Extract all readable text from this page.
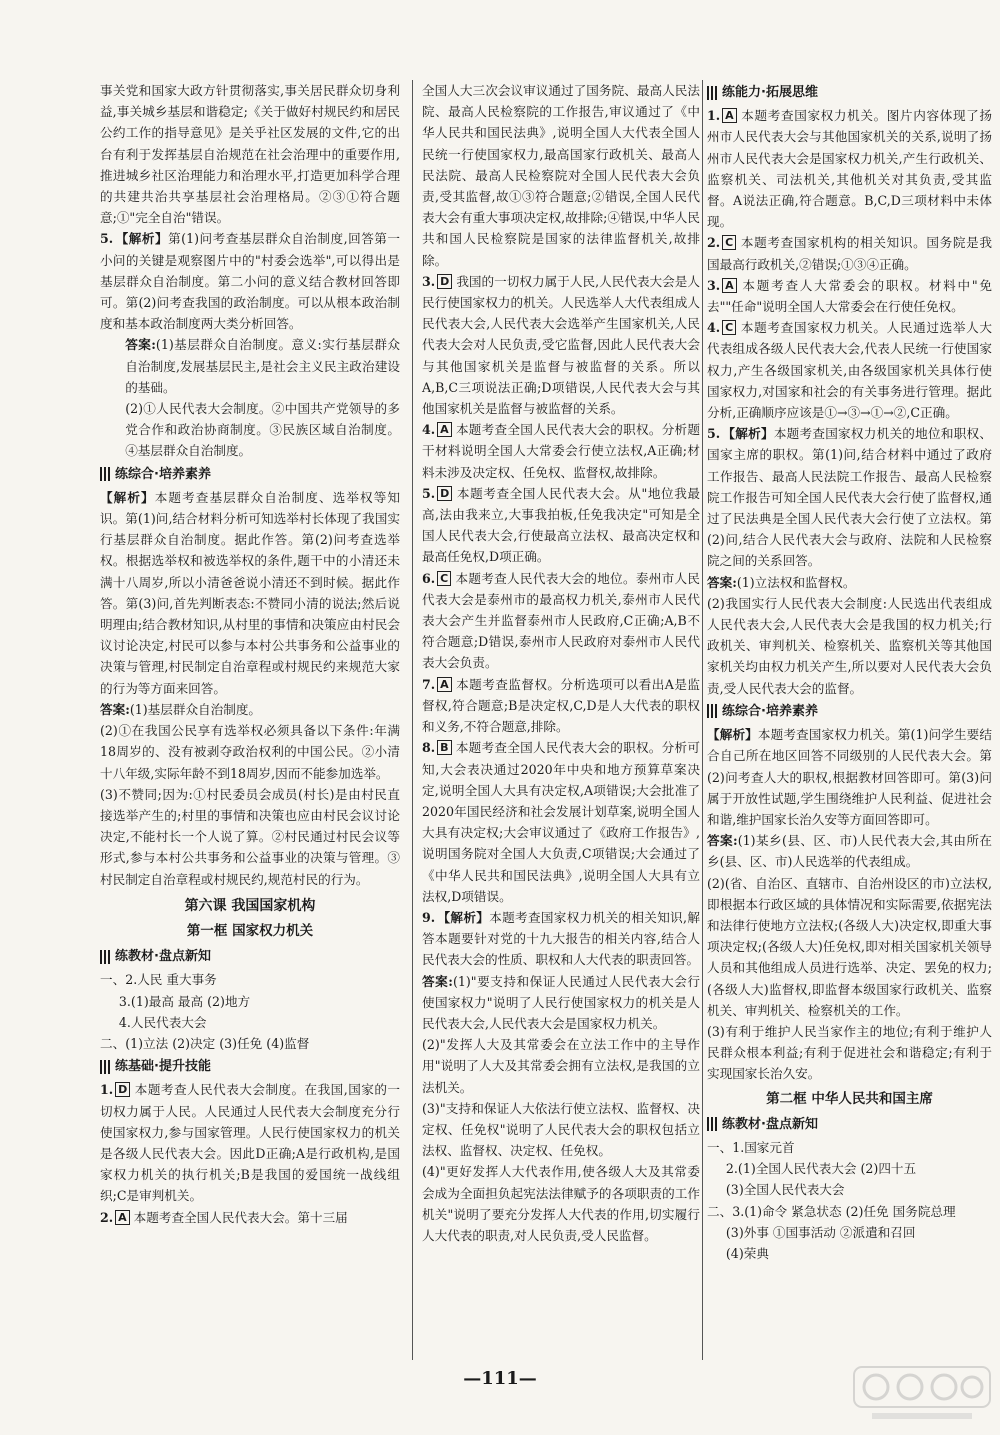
事关党和国家大政方针贯彻落实,事关居民群众切身利益,事关城乡基层和谐稳定;《关于做好村规民约和居民公约工作的指导意见》是关乎社区发展的文件,它的出台有利于发挥基层自治规范在社会治理中的重要作用,推进城乡社区治理能力和治理水平,打造更加科学合理的共建共治共享基层社会治理格局。②③①符合题意;①"完全自治"错误。

5. 【解析】第(1)问考查基层群众自治制度,回答第一小问的关键是观察图片中的"村委会选举",可以得出是基层群众自治制度。第二小问的意义结合教材回答即可。第(2)问考查我国的政治制度。可以从根本政治制度和基本政治制度两大类分析回答。

答案:(1)基层群众自治制度。意义:实行基层群众自治制度,发展基层民主,是社会主义民主政治建设的基础。

(2)①人民代表大会制度。②中国共产党领导的多党合作和政治协商制度。③民族区域自治制度。④基层群众自治制度。

练综合·培养素养

【解析】本题考查基层群众自治制度、选举权等知识。第(1)问,结合材料分析可知选举村长体现了我国实行基层群众自治制度。据此作答。第(2)问考查选举权。根据选举权和被选举权的条件,题干中的小清还未满十八周岁,所以小清爸爸说小清还不到时候。据此作答。第(3)问,首先判断表态:不赞同小清的说法;然后说明理由;结合教材知识,从村里的事情和决策应由村民会议讨论决定,村民可以参与本村公共事务和公益事业的决策与管理,村民制定自治章程或村规民约来规范大家的行为等方面来回答。

答案:(1)基层群众自治制度。

(2)①在我国公民享有选举权必须具备以下条件:年满18周岁的、没有被剥夺政治权利的中国公民。②小清十八年级,实际年龄不到18周岁,因而不能参加选举。

(3)不赞同;因为:①村民委员会成员(村长)是由村民直接选举产生的;村里的事情和决策也应由村民会议讨论决定,不能村长一个人说了算。②村民通过村民会议等形式,参与本村公共事务和公益事业的决策与管理。③村民制定自治章程或村规民约,规范村民的行为。

第六课 我国国家机构
第一框 国家权力机关
练教材·盘点新知

一、2.人民 重大事务

3.(1)最高 最高 (2)地方

4.人民代表大会

二、(1)立法 (2)决定 (3)任免 (4)监督

练基础·提升技能

1. D 本题考查人民代表大会制度。在我国,国家的一切权力属于人民。人民通过人民代表大会制度充分行使国家权力,参与国家管理。人民行使国家权力的机关是各级人民代表大会。因此D正确;A是行政机构,是国家权力机关的执行机关;B是我国的爱国统一战线组织;C是审判机关。

2. A 本题考查全国人民代表大会。第十三届

全国人大三次会议审议通过了国务院、最高人民法院、最高人民检察院的工作报告,审议通过了《中华人民共和国民法典》,说明全国人大代表全国人民统一行使国家权力,最高国家行政机关、最高人民法院、最高人民检察院对全国人民代表大会负责,受其监督,故①③符合题意;②错误,全国人民代表大会有重大事项决定权,故排除;④错误,中华人民共和国人民检察院是国家的法律监督机关,故排除。

3. D 我国的一切权力属于人民,人民代表大会是人民行使国家权力的机关。人民选举人大代表组成人民代表大会,人民代表大会选举产生国家机关,人民代表大会对人民负责,受它监督,因此人民代表大会与其他国家机关是监督与被监督的关系。所以A,B,C三项说法正确;D项错误,人民代表大会与其他国家机关是监督与被监督的关系。

4. A 本题考查全国人民代表大会的职权。分析题干材料说明全国人大常委会行使立法权,A正确;材料未涉及决定权、任免权、监督权,故排除。

5. D 本题考查全国人民代表大会。从"地位我最高,法由我来立,大事我拍板,任免我决定"可知是全国人民代表大会,行使最高立法权、最高决定权和最高任免权,D项正确。

6. C 本题考查人民代表大会的地位。泰州市人民代表大会是泰州市的最高权力机关,泰州市人民代表大会产生并监督泰州市人民政府,C正确;A,B不符合题意;D错误,泰州市人民政府对泰州市人民代表大会负责。

7. A 本题考查监督权。分析选项可以看出A是监督权,符合题意;B是决定权,C,D是人大代表的职权和义务,不符合题意,排除。

8. B 本题考查全国人民代表大会的职权。分析可知,大会表决通过2020年中央和地方预算草案决定,说明全国人大具有决定权,A项错误;大会批准了2020年国民经济和社会发展计划草案,说明全国人大具有决定权;大会审议通过了《政府工作报告》,说明国务院对全国人大负责,C项错误;大会通过了《中华人民共和国民法典》,说明全国人大具有立法权,D项错误。

9. 【解析】本题考查国家权力机关的相关知识,解答本题要针对党的十九大报告的相关内容,结合人民代表大会的性质、职权和人大代表的职责回答。

答案:(1)"要支持和保证人民通过人民代表大会行使国家权力"说明了人民行使国家权力的机关是人民代表大会,人民代表大会是国家权力机关。

(2)"发挥人大及其常委会在立法工作中的主导作用"说明了人大及其常委会拥有立法权,是我国的立法机关。

(3)"支持和保证人大依法行使立法权、监督权、决定权、任免权"说明了人民代表大会的职权包括立法权、监督权、决定权、任免权。

(4)"更好发挥人大代表作用,使各级人大及其常委会成为全面担负起宪法法律赋予的各项职责的工作机关"说明了要充分发挥人大代表的作用,切实履行人大代表的职责,对人民负责,受人民监督。

练能力·拓展思维

1. A 本题考查国家权力机关。图片内容体现了扬州市人民代表大会与其他国家机关的关系,说明了扬州市人民代表大会是国家权力机关,产生行政机关、监察机关、司法机关,其他机关对其负责,受其监督。A说法正确,符合题意。B,C,D三项材料中未体现。

2. C 本题考查国家机构的相关知识。国务院是我国最高行政机关,②错误;①③④正确。

3. A 本题考查人大常委会的职权。材料中"免去""任命"说明全国人大常委会在行使任免权。

4. C 本题考查国家权力机关。人民通过选举人大代表组成各级人民代表大会,代表人民统一行使国家权力,产生各级国家机关,由各级国家机关具体行使国家权力,对国家和社会的有关事务进行管理。据此分析,正确顺序应该是①→③→①→②,C正确。

5. 【解析】本题考查国家权力机关的地位和职权、国家主席的职权。第(1)问,结合材料中通过了政府工作报告、最高人民法院工作报告、最高人民检察院工作报告可知全国人民代表大会行使了监督权,通过了民法典是全国人民代表大会行使了立法权。第(2)问,结合人民代表大会与政府、法院和人民检察院之间的关系回答。

答案:(1)立法权和监督权。

(2)我国实行人民代表大会制度:人民选出代表组成人民代表大会,人民代表大会是我国的权力机关;行政机关、审判机关、检察机关、监察机关等其他国家机关均由权力机关产生,所以要对人民代表大会负责,受人民代表大会的监督。

练综合·培养素养

【解析】本题考查国家权力机关。第(1)问学生要结合自己所在地区回答不同级别的人民代表大会。第(2)问考查人大的职权,根据教材回答即可。第(3)问属于开放性试题,学生围绕维护人民利益、促进社会和谐,维护国家长治久安等方面回答即可。

答案:(1)某乡(县、区、市)人民代表大会,其由所在乡(县、区、市)人民选举的代表组成。

(2)(省、自治区、直辖市、自治州设区的市)立法权,即根据本行政区域的具体情况和实际需要,依据宪法和法律行使地方立法权;(各级人大)决定权,即重大事项决定权;(各级人大)任免权,即对相关国家机关领导人员和其他组成人员进行选举、决定、罢免的权力;(各级人大)监督权,即监督本级国家行政机关、监察机关、审判机关、检察机关的工作。

(3)有利于维护人民当家作主的地位;有利于维护人民群众根本利益;有利于促进社会和谐稳定;有利于实现国家长治久安。

第二框 中华人民共和国主席
练教材·盘点新知

一、1.国家元首

2.(1)全国人民代表大会 (2)四十五

(3)全国人民代表大会

二、3.(1)命令 紧急状态 (2)任免 国务院总理

(3)外事 ①国事活动 ②派遣和召回

(4)荣典

—111—
